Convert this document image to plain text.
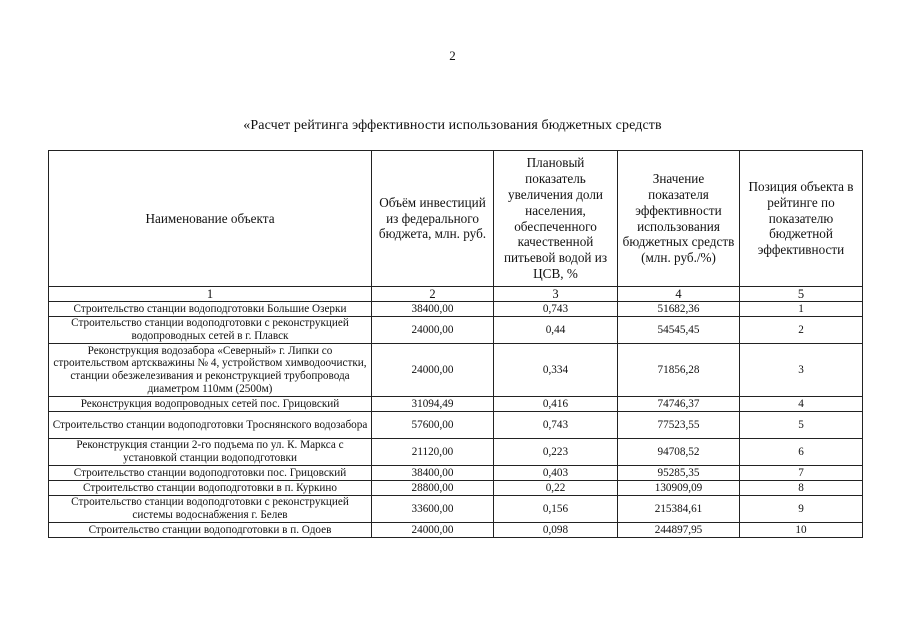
2
«Расчет рейтинга эффективности использования бюджетных средств
Наименование объекта	Объём инвестиций из федерального бюджета, млн. руб.	Плановый показатель увеличения доли населения, обеспеченного качественной питьевой водой из ЦСВ, %	Значение показателя эффективности использования бюджетных средств (млн. руб./%)	Позиция объекта в рейтинге по показателю бюджетной эффективности
1	2	3	4	5
Строительство станции водоподготовки Большие Озерки	38400,00	0,743	51682,36	1
Строительство станции водоподготовки с реконструкцией водопроводных сетей в г. Плавск	24000,00	0,44	54545,45	2
Реконструкция водозабора «Северный» г. Липки со строительством артскважины № 4, устройством химводоочистки, станции обезжелезивания и реконструкцией трубопровода диаметром 110мм (2500м)	24000,00	0,334	71856,28	3
Реконструкция водопроводных сетей пос. Грицовский	31094,49	0,416	74746,37	4
Строительство станции водоподготовки Троснянского водозабора	57600,00	0,743	77523,55	5
Реконструкция станции 2-го подъема по ул. К. Маркса с установкой станции водоподготовки	21120,00	0,223	94708,52	6
Строительство станции водоподготовки пос. Грицовский	38400,00	0,403	95285,35	7
Строительство станции водоподготовки в п. Куркино	28800,00	0,22	130909,09	8
Строительство станции водоподготовки с реконструкцией системы водоснабжения г. Белев	33600,00	0,156	215384,61	9
Строительство станции водоподготовки в п. Одоев	24000,00	0,098	244897,95	10
